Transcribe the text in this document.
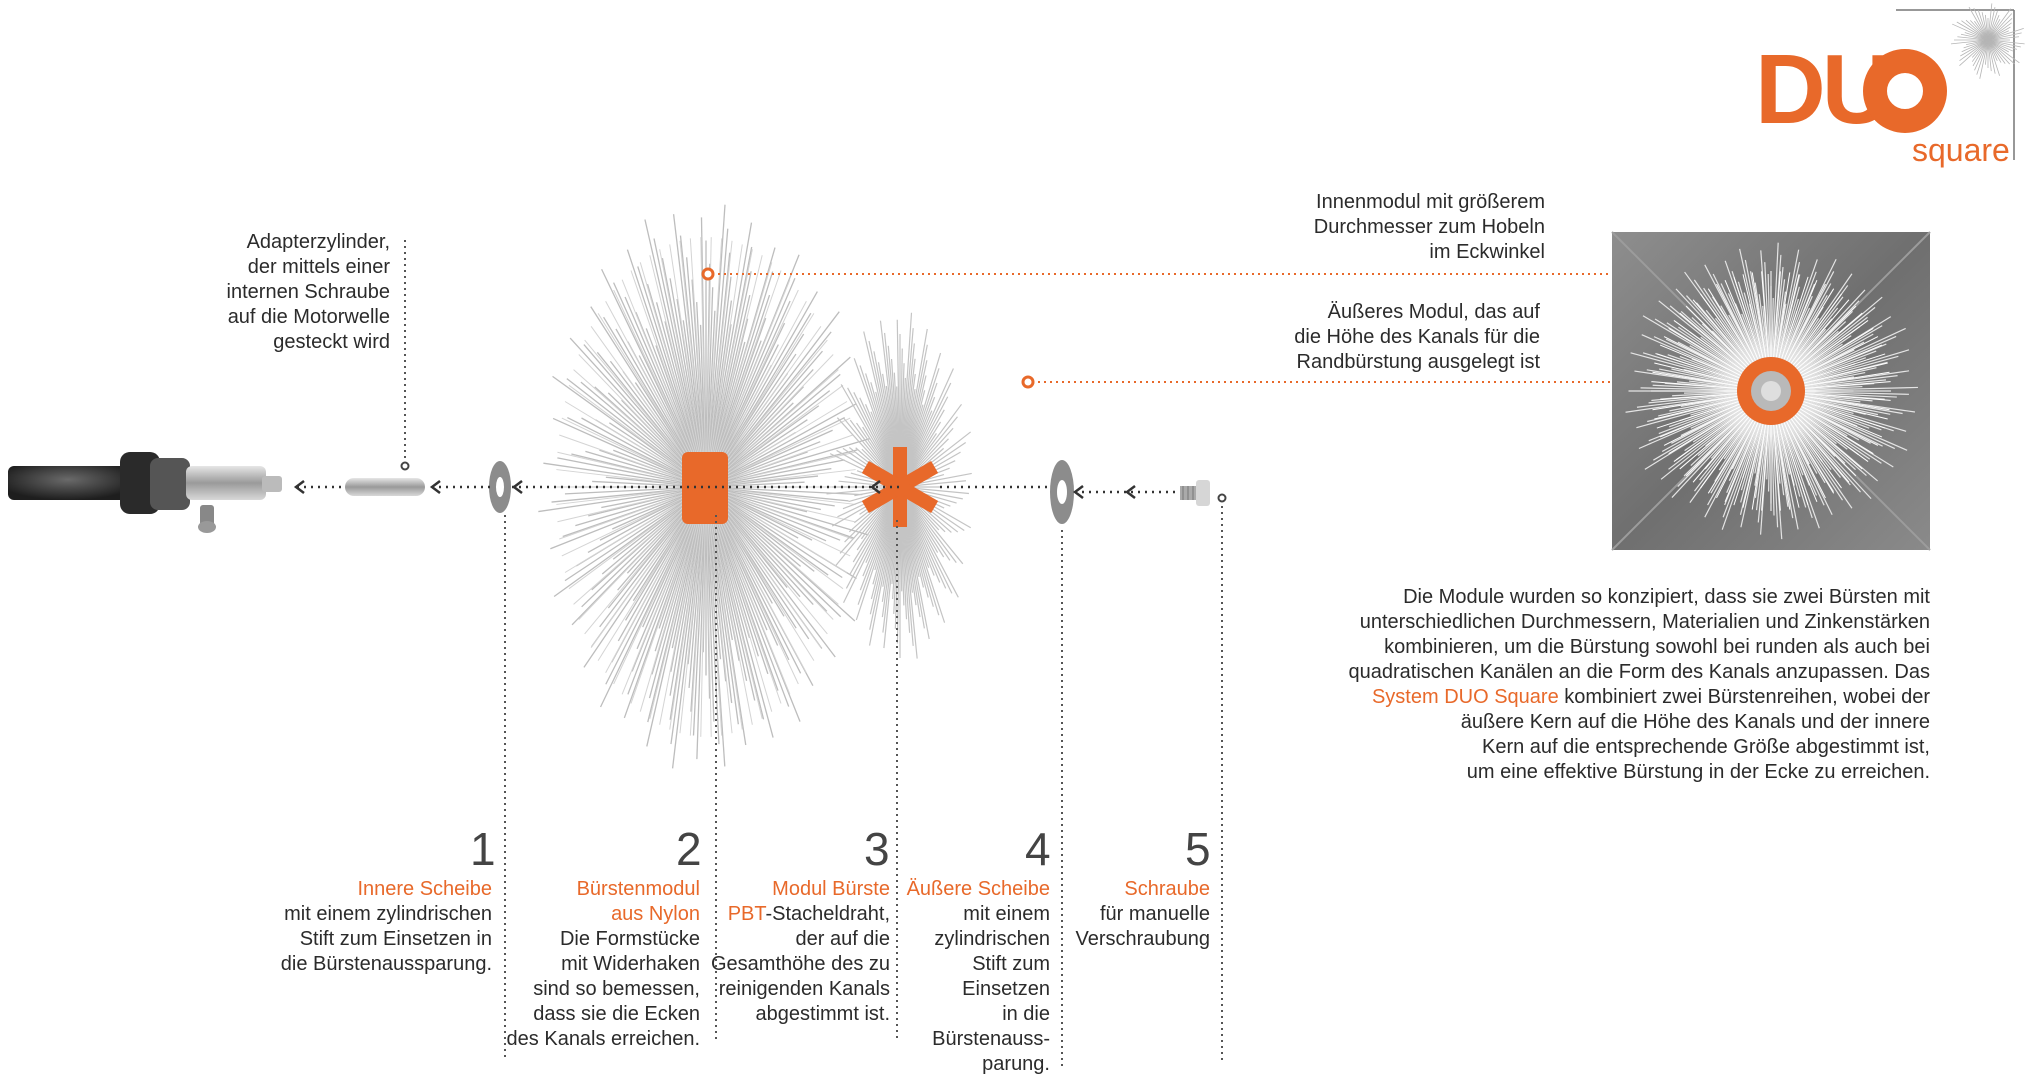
DU
square
Adapterzylinder,
der mittels einer
internen Schraube
auf die Motorwelle
gesteckt wird
Innenmodul mit größerem
Durchmesser zum Hobeln
im Eckwinkel
Äußeres Modul, das auf
die Höhe des Kanals für die
Randbürstung ausgelegt ist
Die Module wurden so konzipiert, dass sie zwei Bürsten mit
unterschiedlichen Durchmessern, Materialien und Zinkenstärken
kombinieren, um die Bürstung sowohl bei runden als auch bei
quadratischen Kanälen an die Form des Kanals anzupassen. Das
System DUO Square kombiniert zwei Bürstenreihen, wobei der
äußere Kern auf die Höhe des Kanals und der innere
Kern auf die entsprechende Größe abgestimmt ist,
um eine effektive Bürstung in der Ecke zu erreichen.
1	2	3	4	5
Innere Scheibe
mit einem zylindrischen
Stift zum Einsetzen in
die Bürstenaussparung.
Bürstenmodul
aus Nylon
Die Formstücke
mit Widerhaken
sind so bemessen,
dass sie die Ecken
des Kanals erreichen.
Modul Bürste
PBT-Stacheldraht,
der auf die
Gesamthöhe des zu
reinigenden Kanals
abgestimmt ist.
Äußere Scheibe
mit einem
zylindrischen
Stift zum
Einsetzen
in die
Bürstenauss-
parung.
Schraube
für manuelle
Verschraubung
